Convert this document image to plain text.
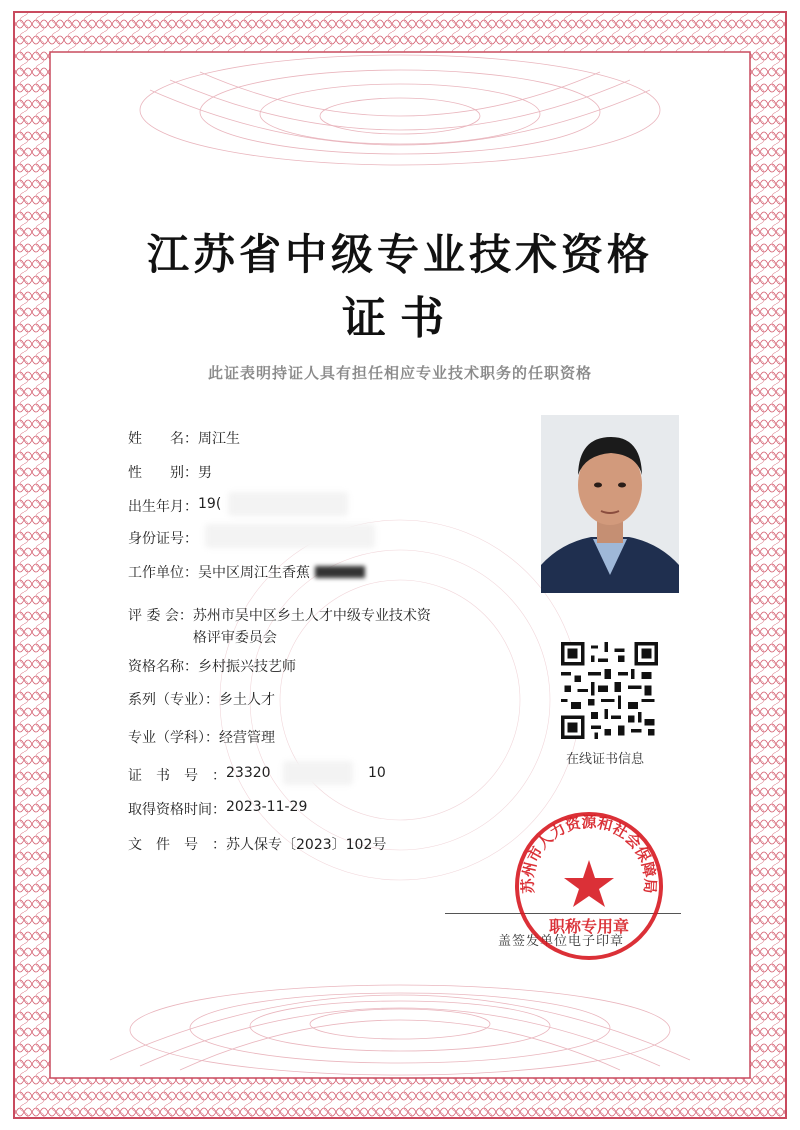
江苏省中级专业技术资格
证书
此证表明持证人具有担任相应专业技术职务的任职资格
姓　　名： 周江生
性　　别： 男
出生年月： 19(
身份证号：
工作单位： 吴中区周江生香蕉
评 委 会： 苏州市吴中区乡土人才中级专业技术资格评审委员会
资格名称： 乡村振兴技艺师
系列（专业）： 乡土人才
专业（学科）： 经营管理
证　书　号　： 23320	10
取得资格时间： 2023-11-29
文　件　号　： 苏人保专〔2023〕102号
在线证书信息
盖签发单位电子印章
苏州市人力资源和社会保障局
职称专用章
